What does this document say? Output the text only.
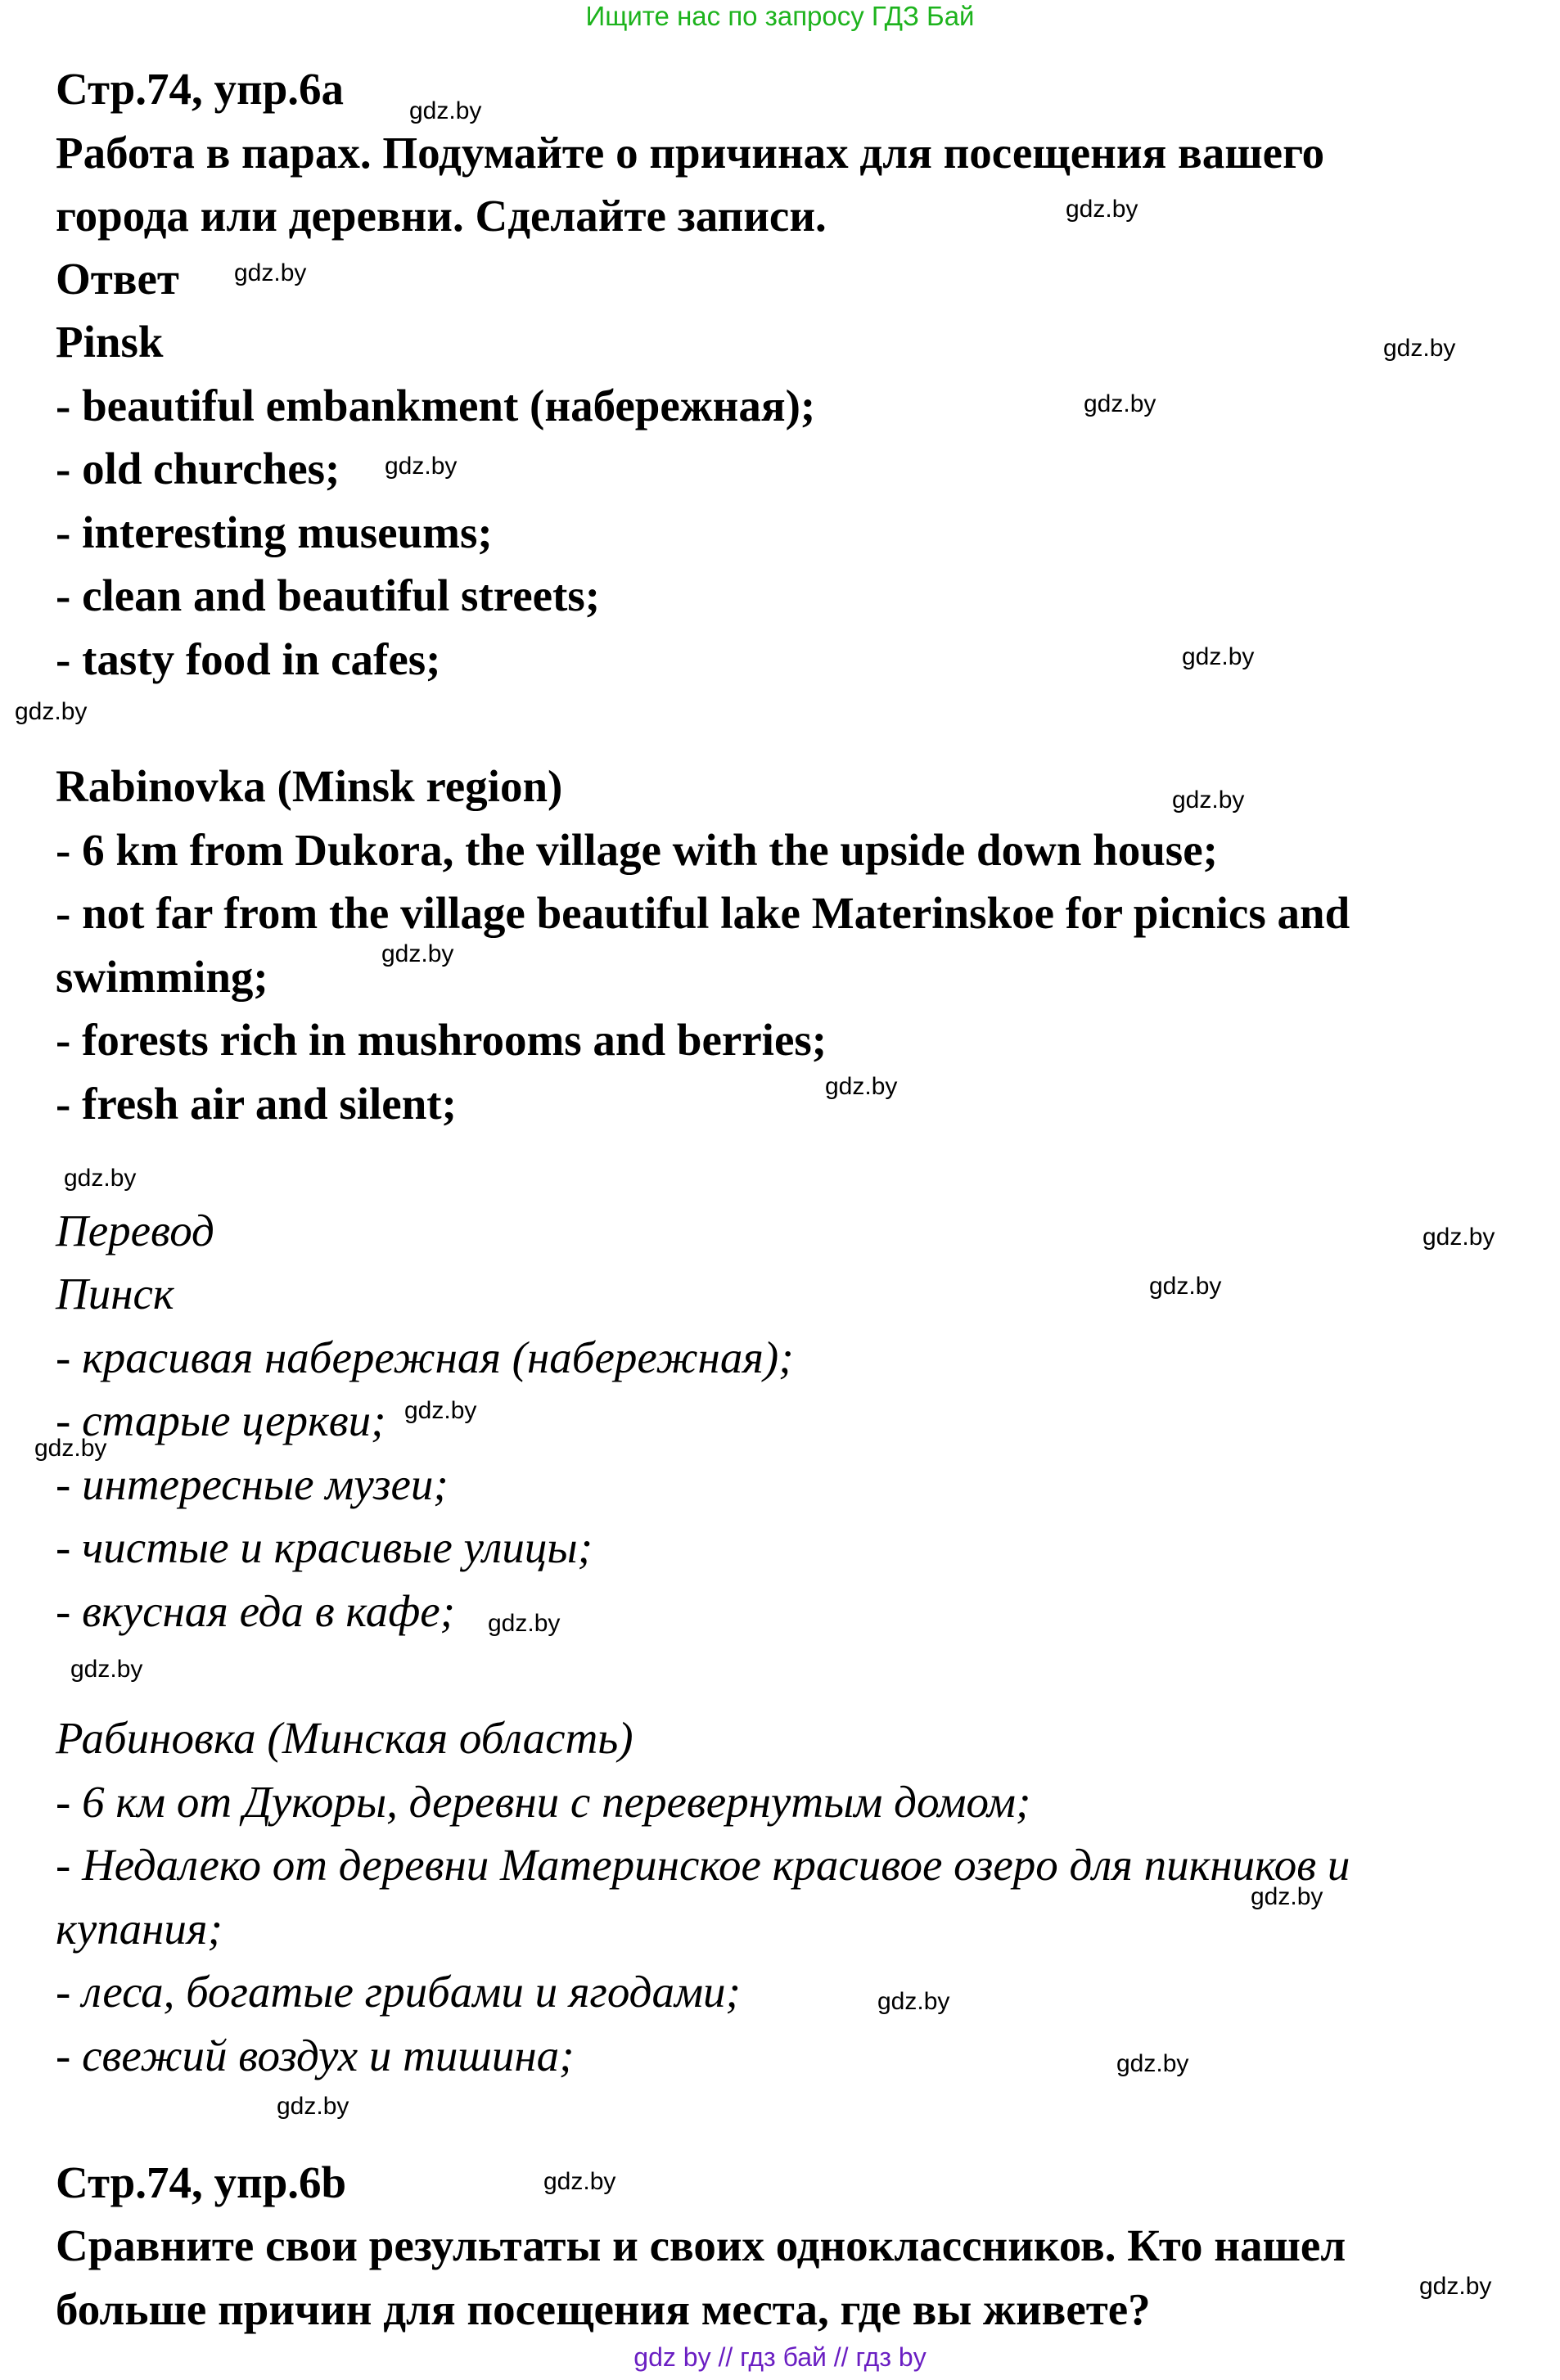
Ищите нас по запросу ГДЗ Бай
Стр.74, упр.6а
Работа в парах. Подумайте о причинах для посещения вашего
города или деревни. Сделайте записи.
Ответ
Pinsk
- beautiful embankment (набережная);
- old churches;
- interesting museums;
- clean and beautiful streets;
- tasty food in cafes;
Rabinovka (Minsk region)
- 6 km from Dukora, the village with the upside down house;
- not far from the village beautiful lake Materinskoe for picnics and
swimming;
- forests rich in mushrooms and berries;
- fresh air and silent;
Перевод
Пинск
- красивая набережная (набережная);
- старые церкви;
- интересные музеи;
- чистые и красивые улицы;
- вкусная еда в кафе;
Рабиновка (Минская область)
- 6 км от Дукоры, деревни с перевернутым домом;
- Недалеко от деревни Материнское красивое озеро для пикников и
купания;
- леса, богатые грибами и ягодами;
- свежий воздух и тишина;
Стр.74, упр.6b
Сравните свои результаты и своих одноклассников. Кто нашел
больше причин для посещения места, где вы живете?
gdz.by
gdz.by
gdz.by
gdz.by
gdz.by
gdz.by
gdz.by
gdz.by
gdz.by
gdz.by
gdz.by
gdz.by
gdz.by
gdz.by
gdz.by
gdz.by
gdz.by
gdz.by
gdz.by
gdz.by
gdz.by
gdz.by
gdz.by
gdz.by
gdz by // гдз бай // гдз by
